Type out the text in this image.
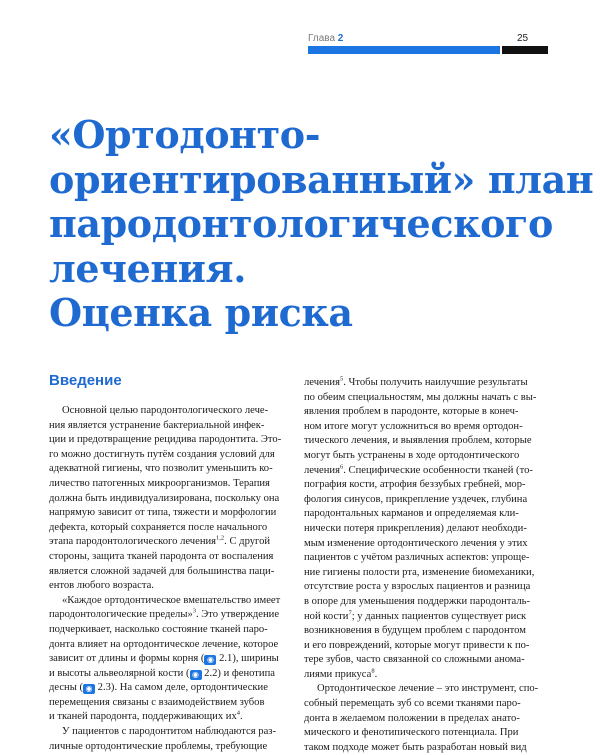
Глава 2	25
«Ортодонто-
ориентированный» план
пародонтологического
лечения.
Оценка риска
Введение
Основной целью пародонтологического лече-
ния является устранение бактериальной инфек-
ции и предотвращение рецидива пародонтита. Это-
го можно достигнуть путём создания условий для
адекватной гигиены, что позволит уменьшить ко-
личество патогенных микроорганизмов. Терапия
должна быть индивидуализирована, поскольку она
напрямую зависит от типа, тяжести и морфологии
дефекта, который сохраняется после начального
этапа пародонтологического лечения$^{1,2}$. С другой
стороны, защита тканей пародонта от воспаления
является сложной задачей для большинства паци-
ентов любого возраста.
«Каждое ортодонтическое вмешательство имеет
пародонтологические пределы»$^3$. Это утверждение
подчеркивает, насколько состояние тканей паро-
донта влияет на ортодонтическое лечение, которое
зависит от длины и формы корня ( ◉ 2.1), ширины
и высоты альвеолярной кости ( ◉ 2.2) и фенотипа
десны ( ◉ 2.3). На самом деле, ортодонтические
перемещения связаны с взаимодействием зубов
и тканей пародонта, поддерживающих $их^4$.
У пациентов с пародонтитом наблюдаются раз-
личные ортодонтические проблемы, требующие
лечения$^5$. Чтобы получить наилучшие результаты
по обеим специальностям, мы должны начать с вы-
явления проблем в пародонте, которые в конеч-
ном итоге могут усложниться во время ортодон-
тического лечения, и выявления проблем, которые
могут быть устранены в ходе ортодонтического
лечения$^6$. Специфические особенности тканей (то-
пография кости, атрофия беззубых гребней, мор-
фология синусов, прикрепление уздечек, глубина
пародонтальных карманов и определяемая кли-
нически потеря прикрепления) делают необходи-
мым изменение ортодонтического лечения у этих
пациентов с учётом различных аспектов: упроще-
ние гигиены полости рта, изменение биомеханики,
отсутствие роста у взрослых пациентов и разница
в опоре для уменьшения поддержки пародонталь-
ной кости$^7$; у данных пациентов существует риск
возникновения в будущем проблем с пародонтом
и его повреждений, которые могут привести к по-
тере зубов, часто связанной со сложными анома-
лиями прикуса$^8$.
Ортодонтическое лечение – это инструмент, спо-
собный перемещать зуб со всеми тканями паро-
донта в желаемом положении в пределах анато-
мического и фенотипического потенциала. При
таком подходе может быть разработан новый вид
